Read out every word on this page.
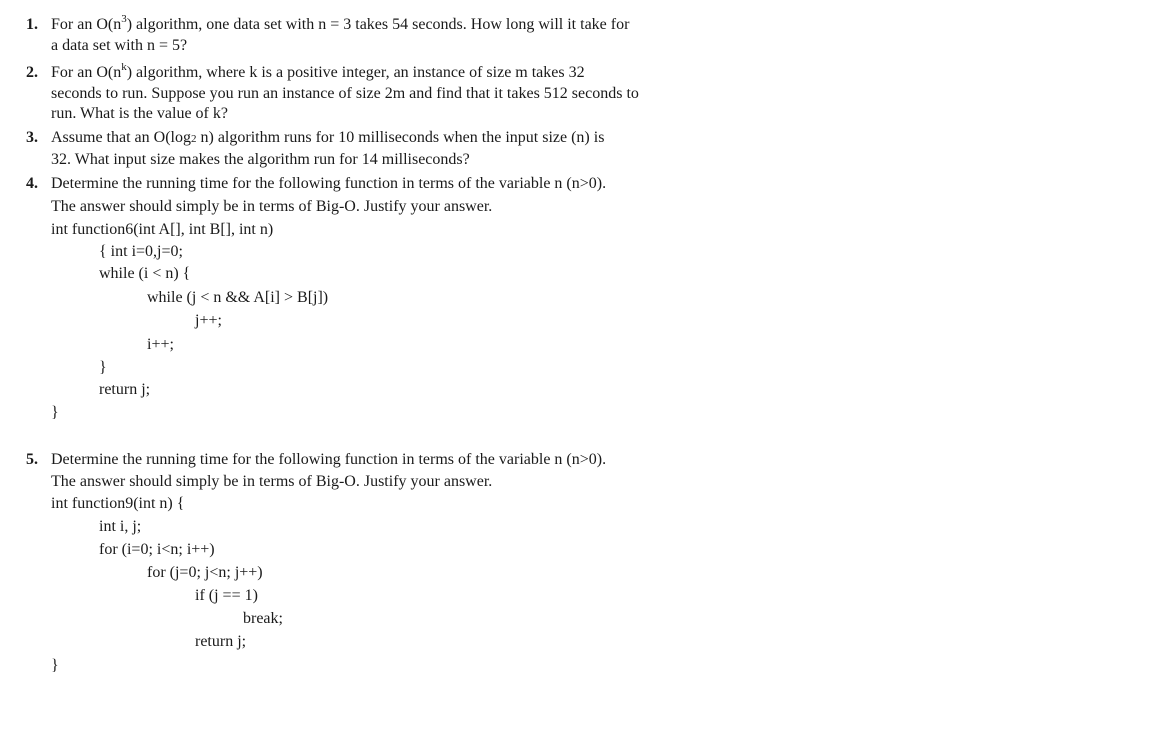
1. For an $O(n^3)$ algorithm, one data set with n = 3 takes 54 seconds. How long will it take for
a data set with n = 5?
2. For an $O(n^k)$ algorithm, where k is a positive integer, an instance of size m takes 32
seconds to run. Suppose you run an instance of size 2m and find that it takes 512 seconds to
run. What is the value of k?
3. Assume that an O(log2 n) algorithm runs for 10 milliseconds when the input size (n) is
32. What input size makes the algorithm run for 14 milliseconds?
4. Determine the running time for the following function in terms of the variable n (n>0).
The answer should simply be in terms of Big-O. Justify your answer.
int function6(int A[], int B[], int n)
{ int i=0,j=0;
while (i < n) {
while (j < n && A[i] > B[j])
j++;
i++;
}
return j;
}
5. Determine the running time for the following function in terms of the variable n (n>0).
The answer should simply be in terms of Big-O. Justify your answer.
int function9(int n) {
int i, j;
for (i=0; i<n; i++)
for (j=0; j<n; j++)
if (j == 1)
break;
return j;
}
